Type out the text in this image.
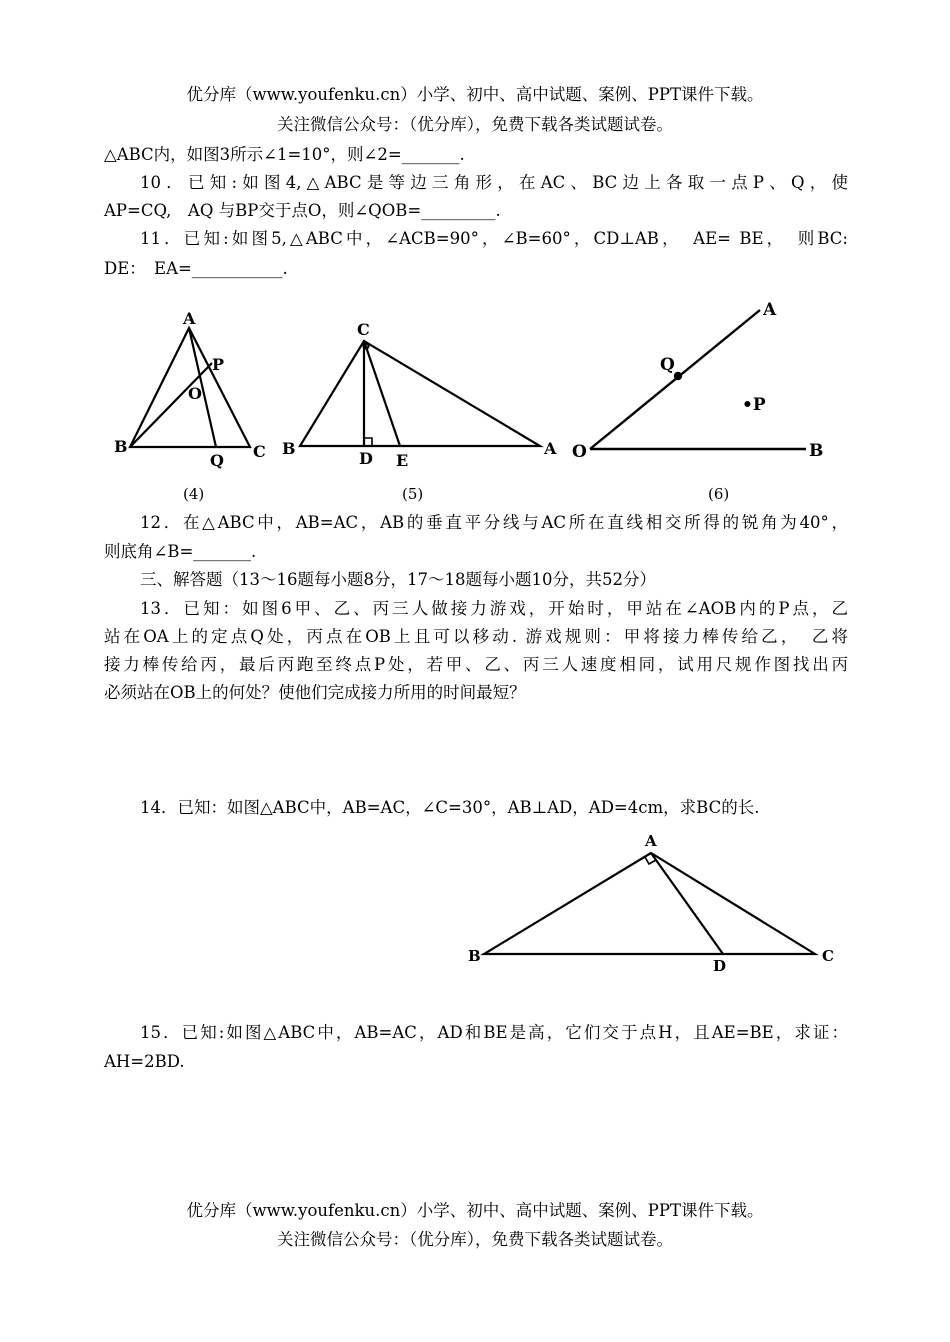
优分库（www.youfenku.cn）小学、初中、高中试题、案例、PPT课件下载。
关注微信公众号：（优分库），免费下载各类试题试卷。
△ABC内，如图3所示∠1=10°，则∠2=_______.
10．已知:如图4,△ABC是等边三角形，在AC、BC边上各取一点P、Q，使
AP=CQ,　AQ 与BP交于点O，则∠QOB=_________.
11．已知:如图5,△ABC中，∠ACB=90°，∠B=60°，CD⊥AB，　AE= BE，　则BC:
DE：　EA=___________.
A
B	C
P
O
Q
C
B	A
D E
A
O	B
Q
•P
(4)	(5)	(6)
12．在△ABC中，AB=AC，AB的垂直平分线与AC所在直线相交所得的锐角为40°，
则底角∠B=_______.
三、解答题（13～16题每小题8分，17～18题每小题10分，共52分）
13．已知：如图6甲、乙、丙三人做接力游戏，开始时，甲站在∠AOB内的P点，乙
站在OA上的定点Q处，丙点在OB上且可以移动. 游戏规则：甲将接力棒传给乙，　乙将
接力棒传给丙，最后丙跑至终点P处，若甲、乙、丙三人速度相同，试用尺规作图找出丙
必须站在OB上的何处？使他们完成接力所用的时间最短？
14．已知：如图△ABC中，AB=AC，∠C=30°，AB⊥AD，AD=4cm，求BC的长.
A
B	C
D
15．已知:如图△ABC中，AB=AC，AD和BE是高，它们交于点H，且AE=BE，求证：
AH=2BD.
优分库（www.youfenku.cn）小学、初中、高中试题、案例、PPT课件下载。
关注微信公众号：（优分库），免费下载各类试题试卷。
